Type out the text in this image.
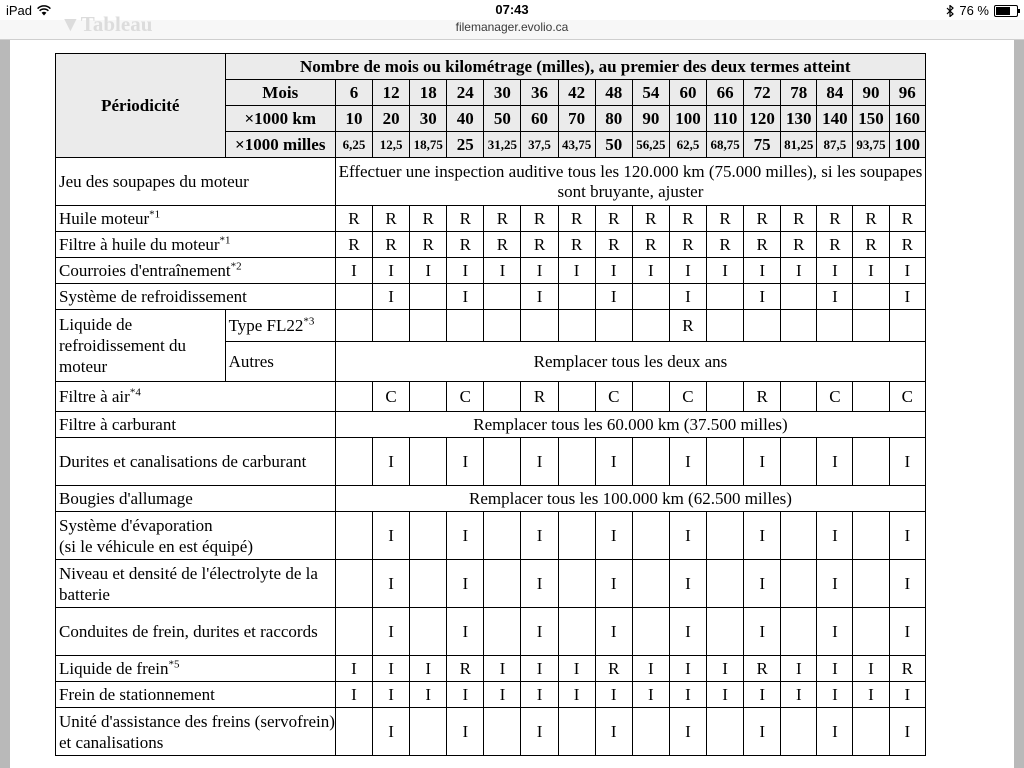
iPad	07:43	76 %
▼Tableau	filemanager.evolio.ca
Périodicité	Nombre de mois ou kilométrage (milles), au premier des deux termes atteint																
	Mois	6	12	18	24	30	36	42	48	54	60	66	72	78	84	90	96
	×1000 km	10	20	30	40	50	60	70	80	90	100	110	120	130	140	150	160
	×1000 milles	6,25	12,5	18,75	25	31,25	37,5	43,75	50	56,25	62,5	68,75	75	81,25	87,5	93,75	100
Jeu des soupapes du moteur		Effectuer une inspection auditive tous les 120.000 km (75.000 milles), si les soupapes sont bruyante, ajuster															
Huile moteur$^{*1}$		R	R	R	R	R	R	R	R	R	R	R	R	R	R	R	R
Filtre à huile du moteur$^{*1}$		R	R	R	R	R	R	R	R	R	R	R	R	R	R	R	R
Courroies d'entraînement$^{*2}$		I	I	I	I	I	I	I	I	I	I	I	I	I	I	I	I
Système de refroidissement			I		I		I		I		I		I		I		I
Liquide de refroidissement du moteur	Type FL22$^{*3}$										R						
	Autres	Remplacer tous les deux ans															
Filtre à air$^{*4}$			C		C		R		C		C		R		C		C
Filtre à carburant		Remplacer tous les 60.000 km (37.500 milles)															
Durites et canalisations de carburant			I		I		I		I		I		I		I		I
Bougies d'allumage		Remplacer tous les 100.000 km (62.500 milles)															
Système d'évaporation
(si le véhicule en est équipé)			I		I		I		I		I		I		I		I
Niveau et densité de l'électrolyte de la batterie			I		I		I		I		I		I		I		I
Conduites de frein, durites et raccords			I		I		I		I		I		I		I		I
Liquide de frein$^{*5}$		I	I	I	R	I	I	I	R	I	I	I	R	I	I	I	R
Frein de stationnement		I	I	I	I	I	I	I	I	I	I	I	I	I	I	I	I
Unité d'assistance des freins (servofrein) et canalisations			I		I		I		I		I		I		I		I
